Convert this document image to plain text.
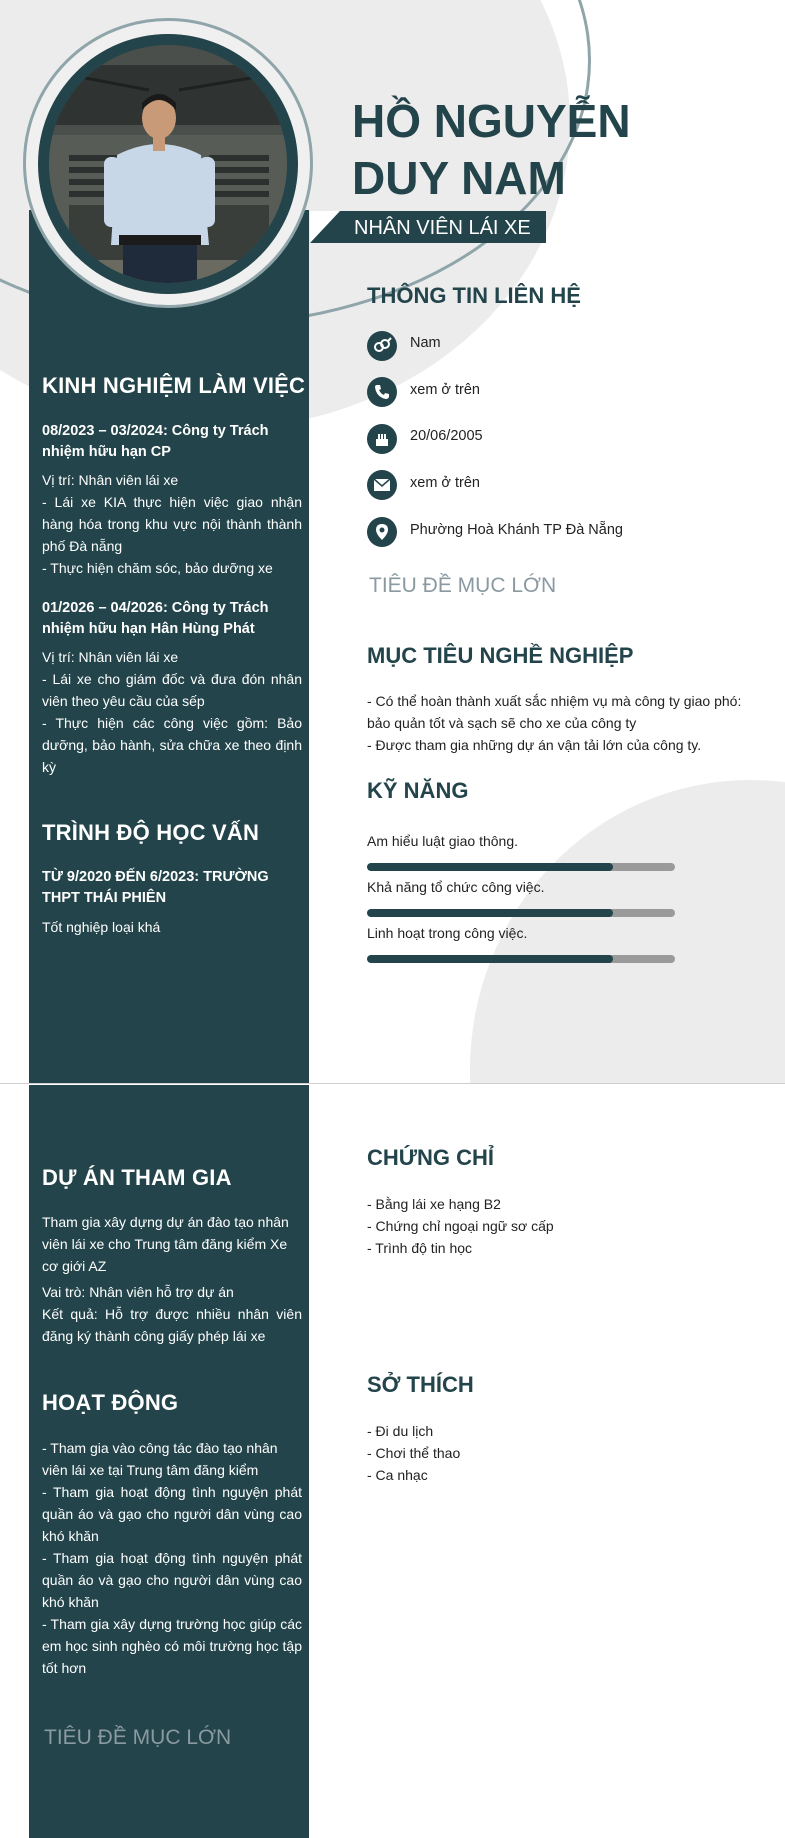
HỒ NGUYỄN
DUY NAM
NHÂN VIÊN LÁI XE
THÔNG TIN LIÊN HỆ
Nam
xem ở trên
20/06/2005
xem ở trên
Phường Hoà Khánh TP Đà Nẵng
TIÊU ĐỀ MỤC LỚN
MỤC TIÊU NGHỀ NGHIỆP
- Có thể hoàn thành xuất sắc nhiệm vụ mà công ty giao phó: bảo quản tốt và sạch sẽ cho xe của công ty
- Được tham gia những dự án vận tải lớn của công ty.
KỸ NĂNG
Am hiểu luật giao thông.
Khả năng tổ chức công việc.
Linh hoạt trong công việc.
KINH NGHIỆM LÀM VIỆC
08/2023 – 03/2024: Công ty Trách nhiệm hữu hạn CP
Vị trí: Nhân viên lái xe
- Lái xe KIA thực hiện việc giao nhận hàng hóa trong khu vực nội thành thành phố Đà nẵng
- Thực hiện chăm sóc, bảo dưỡng xe
01/2026 – 04/2026: Công ty Trách nhiệm hữu hạn Hân Hùng Phát
Vị trí: Nhân viên lái xe
- Lái xe cho giám đốc và đưa đón nhân viên theo yêu cầu của sếp
- Thực hiện các công việc gồm: Bảo dưỡng, bảo hành, sửa chữa xe theo định kỳ
TRÌNH ĐỘ HỌC VẤN
TỪ 9/2020 ĐẾN 6/2023: TRƯỜNG THPT THÁI PHIÊN
Tốt nghiệp loại khá
DỰ ÁN THAM GIA
Tham gia xây dựng dự án đào tạo nhân viên lái xe cho Trung tâm đăng kiểm Xe cơ giới AZ
Vai trò: Nhân viên hỗ trợ dự án
Kết quả: Hỗ trợ được nhiều nhân viên đăng ký thành công giấy phép lái xe
HOẠT ĐỘNG
- Tham gia vào công tác đào tạo nhân viên lái xe tại Trung tâm đăng kiểm
- Tham gia hoạt động tình nguyện phát quần áo và gạo cho người dân vùng cao khó khăn
- Tham gia hoạt động tình nguyện phát quần áo và gạo cho người dân vùng cao khó khăn
- Tham gia xây dựng trường học giúp các em học sinh nghèo có môi trường học tập tốt hơn
TIÊU ĐỀ MỤC LỚN
CHỨNG CHỈ
- Bằng lái xe hạng B2
- Chứng chỉ ngoại ngữ sơ cấp
- Trình độ tin học
SỞ THÍCH
- Đi du lịch
- Chơi thể thao
- Ca nhạc
